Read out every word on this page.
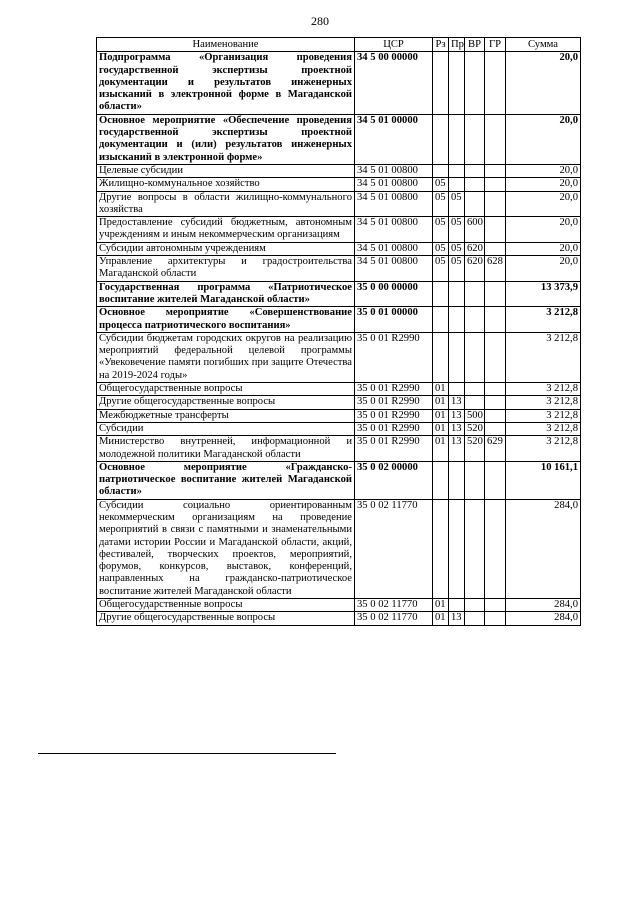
280
Наименование	ЦСР	Рз	Пр	ВР	ГР	Сумма
Подпрограмма «Организация проведения государственной экспертизы проектной документации и результатов инженерных изысканий в электронной форме в Магаданской области»	34 5 00 00000					20,0
Основное мероприятие «Обеспечение проведения государственной экспертизы проектной документации и (или) результатов инженерных изысканий в электронной форме»	34 5 01 00000					20,0
Целевые субсидии	34 5 01 00800					20,0
Жилищно-коммунальное хозяйство	34 5 01 00800	05				20,0
Другие вопросы в области жилищно-коммунального хозяйства	34 5 01 00800	05	05			20,0
Предоставление субсидий бюджетным, автономным учреждениям и иным некоммерческим организациям	34 5 01 00800	05	05	600		20,0
Субсидии автономным учреждениям	34 5 01 00800	05	05	620		20,0
Управление архитектуры и градостроительства Магаданской области	34 5 01 00800	05	05	620	628	20,0
Государственная программа «Патриотическое воспитание жителей Магаданской области»	35 0 00 00000					13 373,9
Основное мероприятие «Совершенствование процесса патриотического воспитания»	35 0 01 00000					3 212,8
Субсидии бюджетам городских округов на реализацию мероприятий федеральной целевой программы «Увековечение памяти погибших при защите Отечества на 2019-2024 годы»	35 0 01 R2990					3 212,8
Общегосударственные вопросы	35 0 01 R2990	01				3 212,8
Другие общегосударственные вопросы	35 0 01 R2990	01	13			3 212,8
Межбюджетные трансферты	35 0 01 R2990	01	13	500		3 212,8
Субсидии	35 0 01 R2990	01	13	520		3 212,8
Министерство внутренней, информационной и молодежной политики Магаданской области	35 0 01 R2990	01	13	520	629	3 212,8
Основное мероприятие «Гражданско-патриотическое воспитание жителей Магаданской области»	35 0 02 00000					10 161,1
Субсидии социально ориентированным некоммерческим организациям на проведение мероприятий в связи с памятными и знаменательными датами истории России и Магаданской области, акций, фестивалей, творческих проектов, мероприятий, форумов, конкурсов, выставок, конференций, направленных на гражданско-патриотическое воспитание жителей Магаданской области	35 0 02 11770					284,0
Общегосударственные вопросы	35 0 02 11770	01				284,0
Другие общегосударственные вопросы	35 0 02 11770	01	13			284,0
